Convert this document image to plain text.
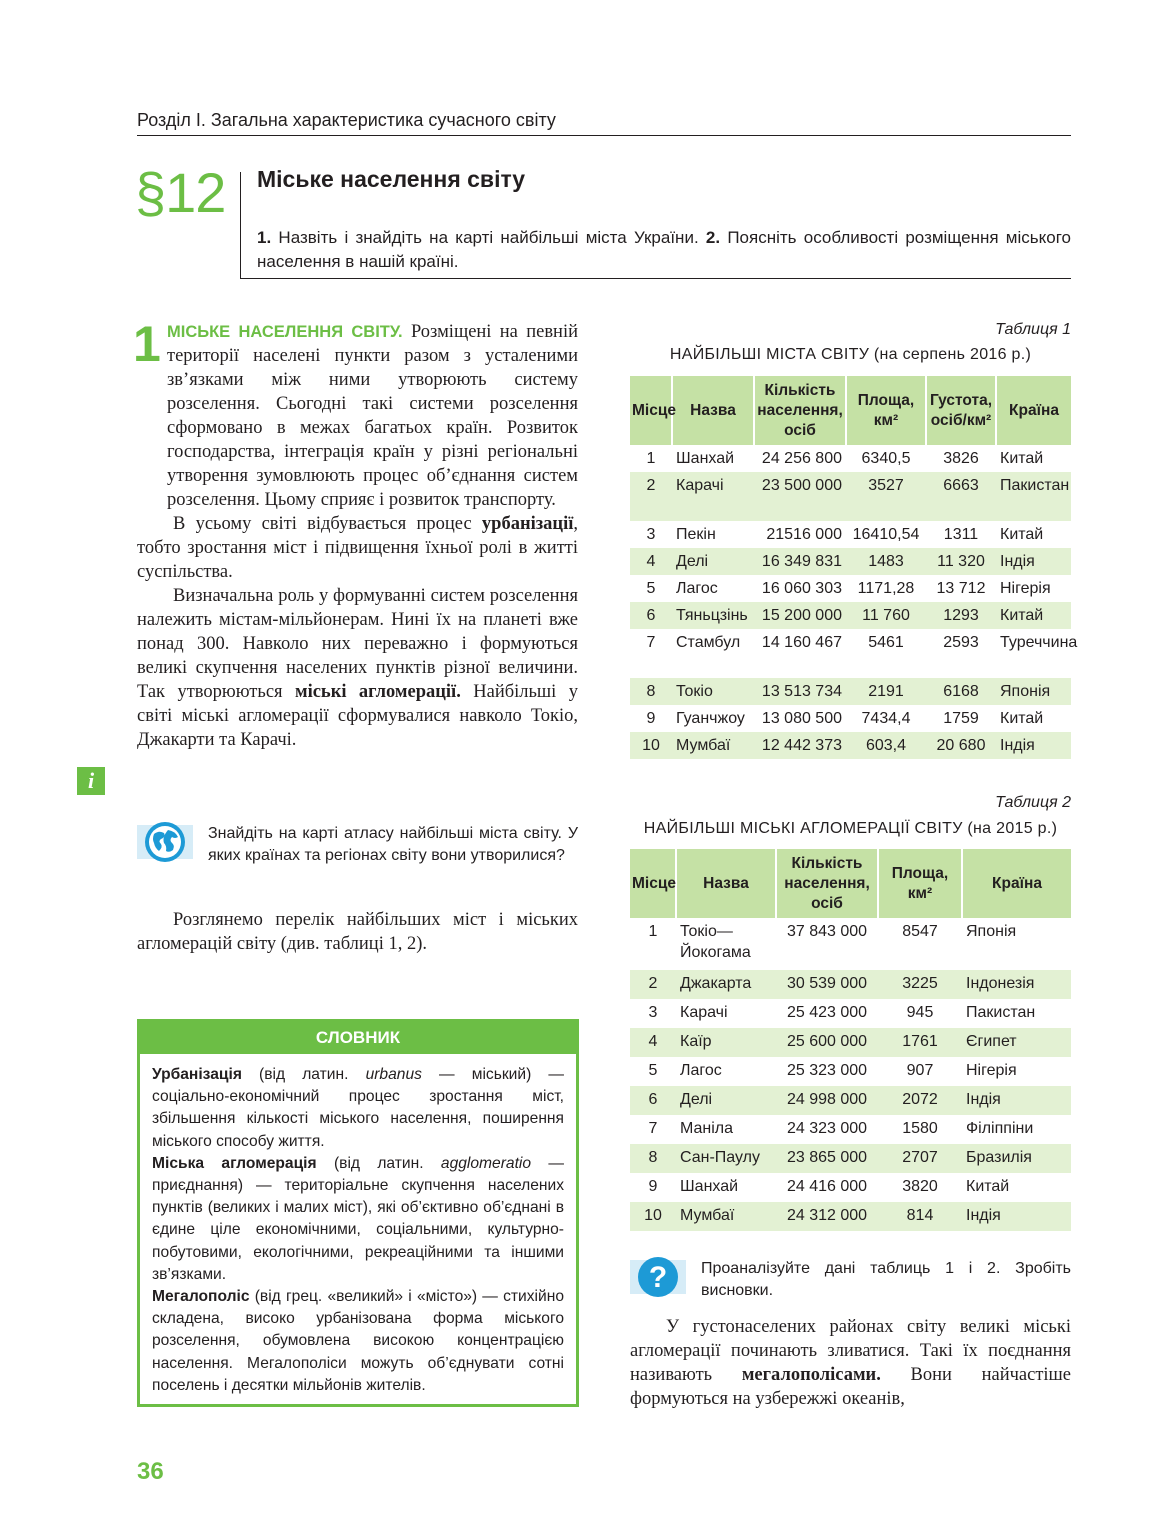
Розділ І. Загальна характеристика сучасного світу
§12 Міське населення світу
1. Назвіть і знайдіть на карті найбільші міста України. 2. Поясніть особливості розміщення міського населення в нашій країні.
1 МІСЬКЕ НАСЕЛЕННЯ СВІТУ. Розміщені на певній території населені пункти разом з усталеними зв’язками між ними утворюють систему розселення. Сьогодні такі системи розселення сформовано в межах багатьох країн. Розвиток господарства, інтеграція країн у різні регіональні утворення зумовлюють процес об’єднання систем розселення. Цьому сприяє і розвиток транспорту.

В усьому світі відбувається процес урбанізації, тобто зростання міст і підвищення їхньої ролі в житті суспільства.

Визначальна роль у формуванні систем розселення належить містам-мільйонерам. Нині їх на планеті вже понад 300. Навколо них переважно і формуються великі скупчення населених пунктів різної величини. Так утворюються міські агломерації. Найбільші у світі міські агломерації сформувалися навколо Токіо, Джакарти та Карачі.

i
Знайдіть на карті атласу найбільші міста світу. У яких країнах та регіонах світу вони утворилися?
Розглянемо перелік найбільших міст і міських агломерацій світу (див. таблиці 1, 2).
СЛОВНИК

Урбанізація (від латин. urbanus — міський) — соціально-економічний процес зростання міст, збільшення кількості міського населення, поширення міського способу життя.

Міська агломерація (від латин. agglomeratio — приєднання) — територіальне скупчення населених пунктів (великих і малих міст), які об’єктивно об’єднані в єдине ціле економічними, соціальними, культурно-побутовими, екологічними, рекреаційними та іншими зв’язками.

Мегалополіс (від грец. «великий» і «місто») — стихійно складена, високо урбанізована форма міського розселення, обумовлена високою концентрацією населення. Мегалополіси можуть об’єднувати сотні поселень і десятки мільйонів жителів.

36
Таблиця 1
НАЙБІЛЬШІ МІСТА СВІТУ (на серпень 2016 р.)
Місце	Назва	Кількість населення, осіб	Площа, км²	Густота, осіб/км²	Країна
1	Шанхай	24 256 800	6340,5	3826	Китай
2	Карачі	23 500 000	3527	6663	Пакистан
3	Пекін	21516 000	16410,54	1311	Китай
4	Делі	16 349 831	1483	11 320	Індія
5	Лагос	16 060 303	1171,28	13 712	Нігерія
6	Тяньцзінь	15 200 000	11 760	1293	Китай
7	Стамбул	14 160 467	5461	2593	Туреччина
8	Токіо	13 513 734	2191	6168	Японія
9	Гуанчжоу	13 080 500	7434,4	1759	Китай
10	Мумбаї	12 442 373	603,4	20 680	Індія
Таблиця 2
НАЙБІЛЬШІ МІСЬКІ АГЛОМЕРАЦІЇ СВІТУ (на 2015 р.)
Місце	Назва	Кількість населення, осіб	Площа, км²	Країна
1	Токіо—Йокогама	37 843 000	8547	Японія
2	Джакарта	30 539 000	3225	Індонезія
3	Карачі	25 423 000	945	Пакистан
4	Каїр	25 600 000	1761	Єгипет
5	Лагос	25 323 000	907	Нігерія
6	Делі	24 998 000	2072	Індія
7	Маніла	24 323 000	1580	Філіппіни
8	Сан-Паулу	23 865 000	2707	Бразилія
9	Шанхай	24 416 000	3820	Китай
10	Мумбаї	24 312 000	814	Індія
? Проаналізуйте дані таблиць 1 і 2. Зробіть висновки.
У густонаселених районах світу великі міські агломерації починають зливатися. Такі їх поєднання називають мегалополісами. Вони найчастіше формуються на узбережжі океанів,
